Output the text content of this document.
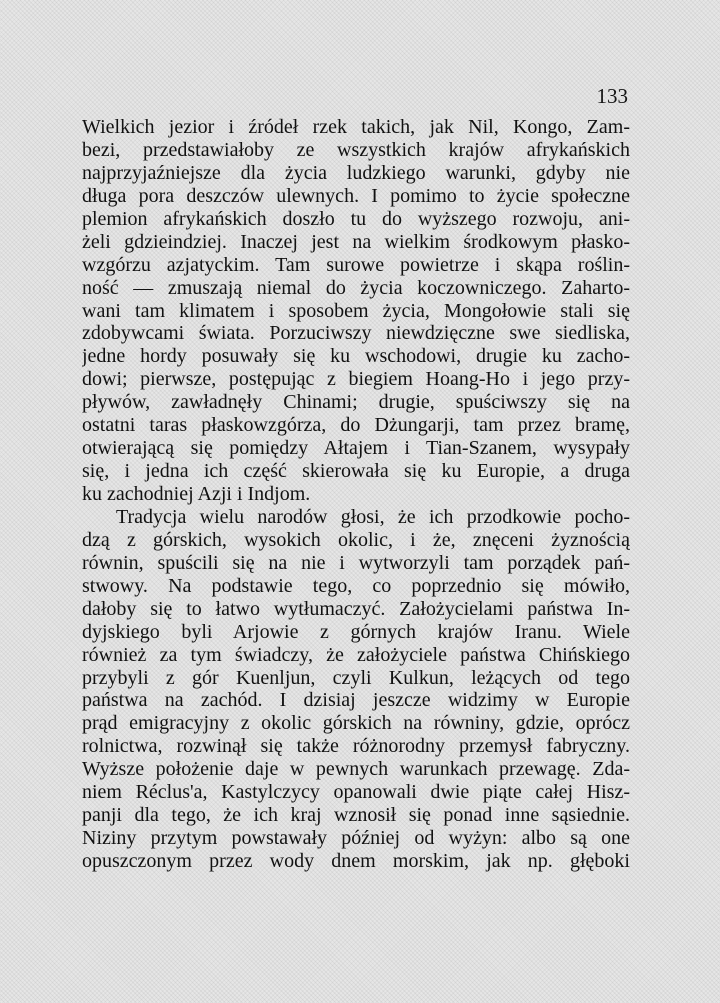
133
Wielkich jezior i źródeł rzek takich, jak Nil, Kongo, Zam-
bezi, przedstawiałoby ze wszystkich krajów afrykańskich
najprzyjaźniejsze dla życia ludzkiego warunki, gdyby nie
długa pora deszczów ulewnych. I pomimo to życie społeczne
plemion afrykańskich doszło tu do wyższego rozwoju, ani-
żeli gdzieindziej. Inaczej jest na wielkim środkowym płasko-
wzgórzu azjatyckim. Tam surowe powietrze i skąpa roślin-
ność — zmuszają niemal do życia koczowniczego. Zaharto-
wani tam klimatem i sposobem życia, Mongołowie stali się
zdobywcami świata. Porzuciwszy niewdzięczne swe siedliska,
jedne hordy posuwały się ku wschodowi, drugie ku zacho-
dowi; pierwsze, postępując z biegiem Hoang-Ho i jego przy-
pływów, zawładnęły Chinami; drugie, spuściwszy się na
ostatni taras płaskowzgórza, do Dżungarji, tam przez bramę,
otwierającą się pomiędzy Ałtajem i Tian-Szanem, wysypały
się, i jedna ich część skierowała się ku Europie, a druga
ku zachodniej Azji i Indjom.
Tradycja wielu narodów głosi, że ich przodkowie pocho-
dzą z górskich, wysokich okolic, i że, znęceni żyznością
równin, spuścili się na nie i wytworzyli tam porządek pań-
stwowy. Na podstawie tego, co poprzednio się mówiło,
dałoby się to łatwo wytłumaczyć. Założycielami państwa In-
dyjskiego byli Arjowie z górnych krajów Iranu. Wiele
również za tym świadczy, że założyciele państwa Chińskiego
przybyli z gór Kuenljun, czyli Kulkun, leżących od tego
państwa na zachód. I dzisiaj jeszcze widzimy w Europie
prąd emigracyjny z okolic górskich na równiny, gdzie, oprócz
rolnictwa, rozwinął się także różnorodny przemysł fabryczny.
Wyższe położenie daje w pewnych warunkach przewagę. Zda-
niem Réclus'a, Kastylczycy opanowali dwie piąte całej Hisz-
panji dla tego, że ich kraj wznosił się ponad inne sąsiednie.
Niziny przytym powstawały później od wyżyn: albo są one
opuszczonym przez wody dnem morskim, jak np. głęboki
